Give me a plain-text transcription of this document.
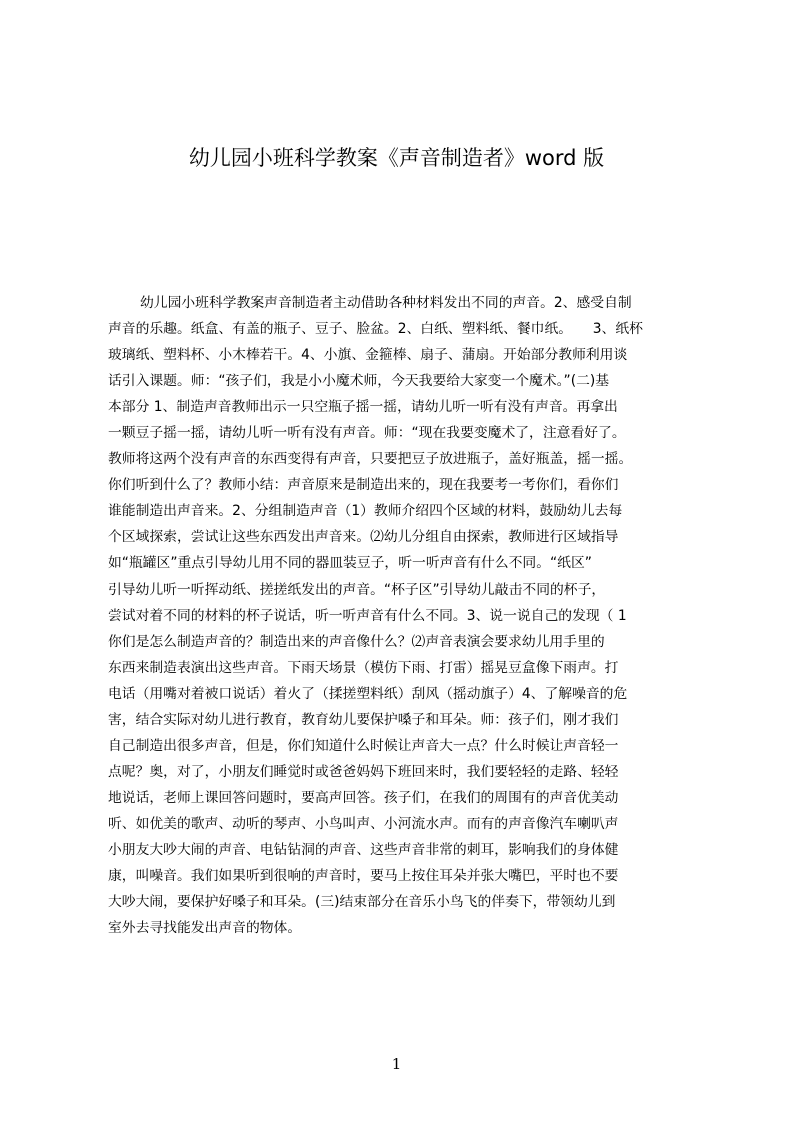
幼儿园小班科学教案《声音制造者》word 版
幼儿园小班科学教案声音制造者主动借助各种材料发出不同的声音。2、感受自制
声音的乐趣。纸盒、有盖的瓶子、豆子、脸盆。2、白纸、塑料纸、餐巾纸。　　3、纸杯
玻璃纸、塑料杯、小木棒若干。4、小旗、金箍棒、扇子、蒲扇。开始部分教师利用谈
话引入课题。师：“孩子们，我是小小魔术师，今天我要给大家变一个魔术。”(二)基
本部分 1、制造声音教师出示一只空瓶子摇一摇，请幼儿听一听有没有声音。再拿出
一颗豆子摇一摇，请幼儿听一听有没有声音。师：“现在我要变魔术了，注意看好了。
教师将这两个没有声音的东西变得有声音，只要把豆子放进瓶子，盖好瓶盖，摇一摇。
你们听到什么了？教师小结：声音原来是制造出来的，现在我要考一考你们，看你们
谁能制造出声音来。2、分组制造声音（1）教师介绍四个区域的材料，鼓励幼儿去每
个区域探索，尝试让这些东西发出声音来。⑵幼儿分组自由探索，教师进行区域指导
如“瓶罐区”重点引导幼儿用不同的器皿装豆子，听一听声音有什么不同。“纸区”
引导幼儿听一听挥动纸、搓搓纸发出的声音。“杯子区”引导幼儿敲击不同的杯子，
尝试对着不同的材料的杯子说话，听一听声音有什么不同。3、说一说自己的发现（ 1
你们是怎么制造声音的？制造出来的声音像什么？⑵声音表演会要求幼儿用手里的
东西来制造表演出这些声音。下雨天场景（模仿下雨、打雷）摇晃豆盒像下雨声。打
电话（用嘴对着被口说话）着火了（揉搓塑料纸）刮风（摇动旗子）4、了解噪音的危
害，结合实际对幼儿进行教育，教育幼儿要保护嗓子和耳朵。师：孩子们，刚才我们
自己制造出很多声音，但是，你们知道什么时候让声音大一点？什么时候让声音轻一
点呢？奥，对了，小朋友们睡觉时或爸爸妈妈下班回来时，我们要轻轻的走路、轻轻
地说话，老师上课回答问题时，要高声回答。孩子们，在我们的周围有的声音优美动
听、如优美的歌声、动听的琴声、小鸟叫声、小河流水声。而有的声音像汽车喇叭声
小朋友大吵大闹的声音、电钻钻洞的声音、这些声音非常的刺耳，影响我们的身体健
康，叫噪音。我们如果听到很响的声音时，要马上按住耳朵并张大嘴巴，平时也不要
大吵大闹，要保护好嗓子和耳朵。(三)结束部分在音乐小鸟飞的伴奏下，带领幼儿到
室外去寻找能发出声音的物体。
1
